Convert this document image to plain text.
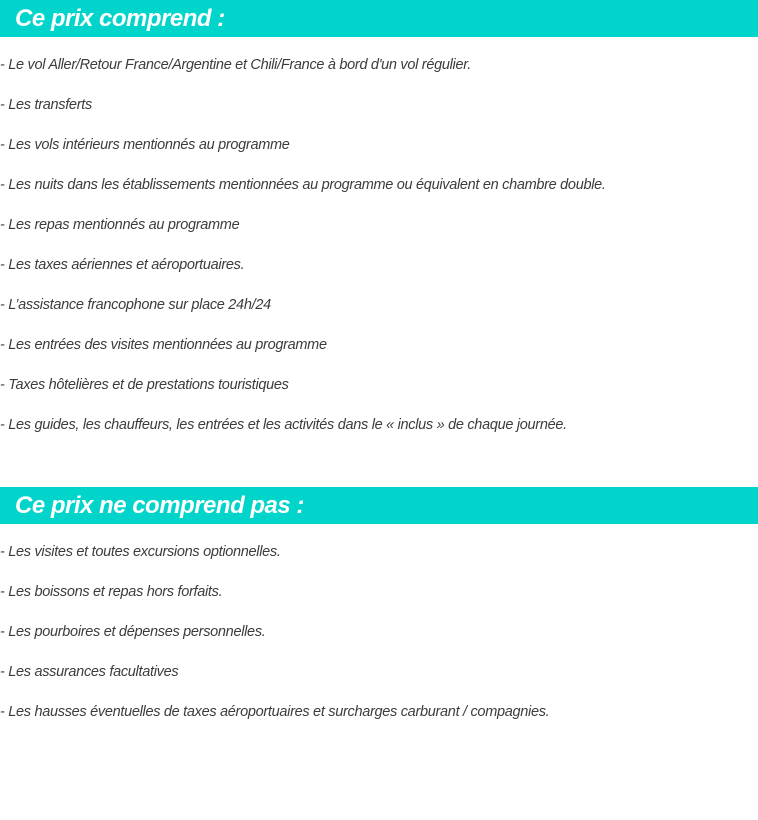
Ce prix comprend :
- Le vol Aller/Retour France/Argentine et Chili/France à bord d'un vol régulier.
- Les transferts
- Les vols intérieurs mentionnés au programme
- Les nuits dans les établissements mentionnées au programme ou équivalent en chambre double.
- Les repas mentionnés au programme
- Les taxes aériennes et aéroportuaires.
- L’assistance francophone sur place 24h/24
- Les entrées des visites mentionnées au programme
- Taxes hôtelières et de prestations touristiques
- Les guides, les chauffeurs, les entrées et les activités dans le « inclus » de chaque journée.
Ce prix ne comprend pas :
- Les visites et toutes excursions optionnelles.
- Les boissons et repas hors forfaits.
- Les pourboires et dépenses personnelles.
- Les assurances facultatives
- Les hausses éventuelles de taxes aéroportuaires et surcharges carburant / compagnies.
